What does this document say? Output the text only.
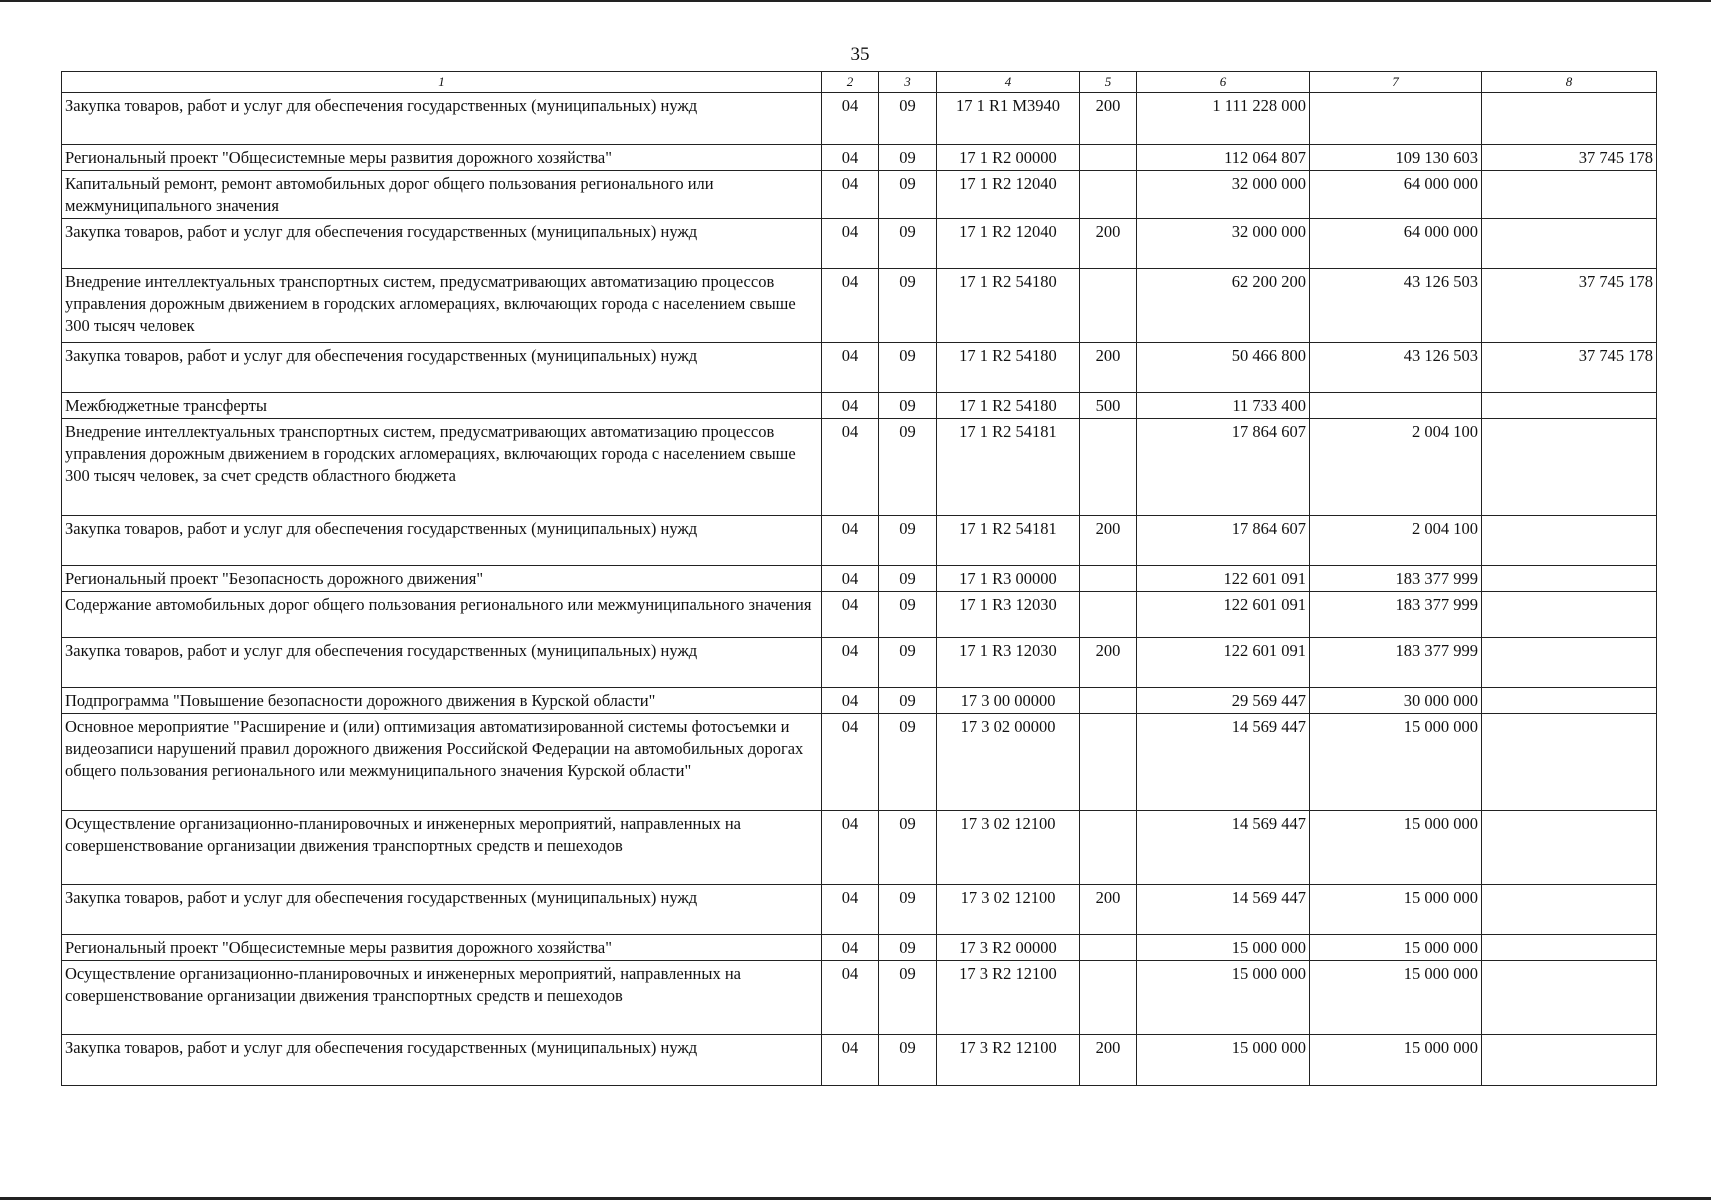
35
1	2	3	4	5	6	7	8
Закупка товаров, работ и услуг для обеспечения государственных (муниципальных) нужд	04	09	17 1 R1 M3940	200	1 111 228 000		
Региональный проект "Общесистемные меры развития дорожного хозяйства"	04	09	17 1 R2 00000		112 064 807	109 130 603	37 745 178
Капитальный ремонт, ремонт автомобильных дорог общего пользования регионального или межмуниципального значения	04	09	17 1 R2 12040		32 000 000	64 000 000	
Закупка товаров, работ и услуг для обеспечения государственных (муниципальных) нужд	04	09	17 1 R2 12040	200	32 000 000	64 000 000	
Внедрение интеллектуальных транспортных систем, предусматривающих автоматизацию процессов управления дорожным движением в городских агломерациях, включающих города с населением свыше 300 тысяч человек	04	09	17 1 R2 54180		62 200 200	43 126 503	37 745 178
Закупка товаров, работ и услуг для обеспечения государственных (муниципальных) нужд	04	09	17 1 R2 54180	200	50 466 800	43 126 503	37 745 178
Межбюджетные трансферты	04	09	17 1 R2 54180	500	11 733 400		
Внедрение интеллектуальных транспортных систем, предусматривающих автоматизацию процессов управления дорожным движением в городских агломерациях, включающих города с населением свыше 300 тысяч человек, за счет средств областного бюджета	04	09	17 1 R2 54181		17 864 607	2 004 100	
Закупка товаров, работ и услуг для обеспечения государственных (муниципальных) нужд	04	09	17 1 R2 54181	200	17 864 607	2 004 100	
Региональный проект "Безопасность дорожного движения"	04	09	17 1 R3 00000		122 601 091	183 377 999	
Содержание автомобильных дорог общего пользования регионального или межмуниципального значения	04	09	17 1 R3 12030		122 601 091	183 377 999	
Закупка товаров, работ и услуг для обеспечения государственных (муниципальных) нужд	04	09	17 1 R3 12030	200	122 601 091	183 377 999	
Подпрограмма "Повышение безопасности дорожного движения в Курской области"	04	09	17 3 00 00000		29 569 447	30 000 000	
Основное мероприятие "Расширение и (или) оптимизация автоматизированной системы фотосъемки и видеозаписи нарушений правил дорожного движения Российской Федерации на автомобильных дорогах общего пользования регионального или межмуниципального значения Курской области"	04	09	17 3 02 00000		14 569 447	15 000 000	
Осуществление организационно-планировочных и инженерных мероприятий, направленных на совершенствование организации движения транспортных средств и пешеходов	04	09	17 3 02 12100		14 569 447	15 000 000	
Закупка товаров, работ и услуг для обеспечения государственных (муниципальных) нужд	04	09	17 3 02 12100	200	14 569 447	15 000 000	
Региональный проект "Общесистемные меры развития дорожного хозяйства"	04	09	17 3 R2 00000		15 000 000	15 000 000	
Осуществление организационно-планировочных и инженерных мероприятий, направленных на совершенствование организации движения транспортных средств и пешеходов	04	09	17 3 R2 12100		15 000 000	15 000 000	
Закупка товаров, работ и услуг для обеспечения государственных (муниципальных) нужд	04	09	17 3 R2 12100	200	15 000 000	15 000 000	
